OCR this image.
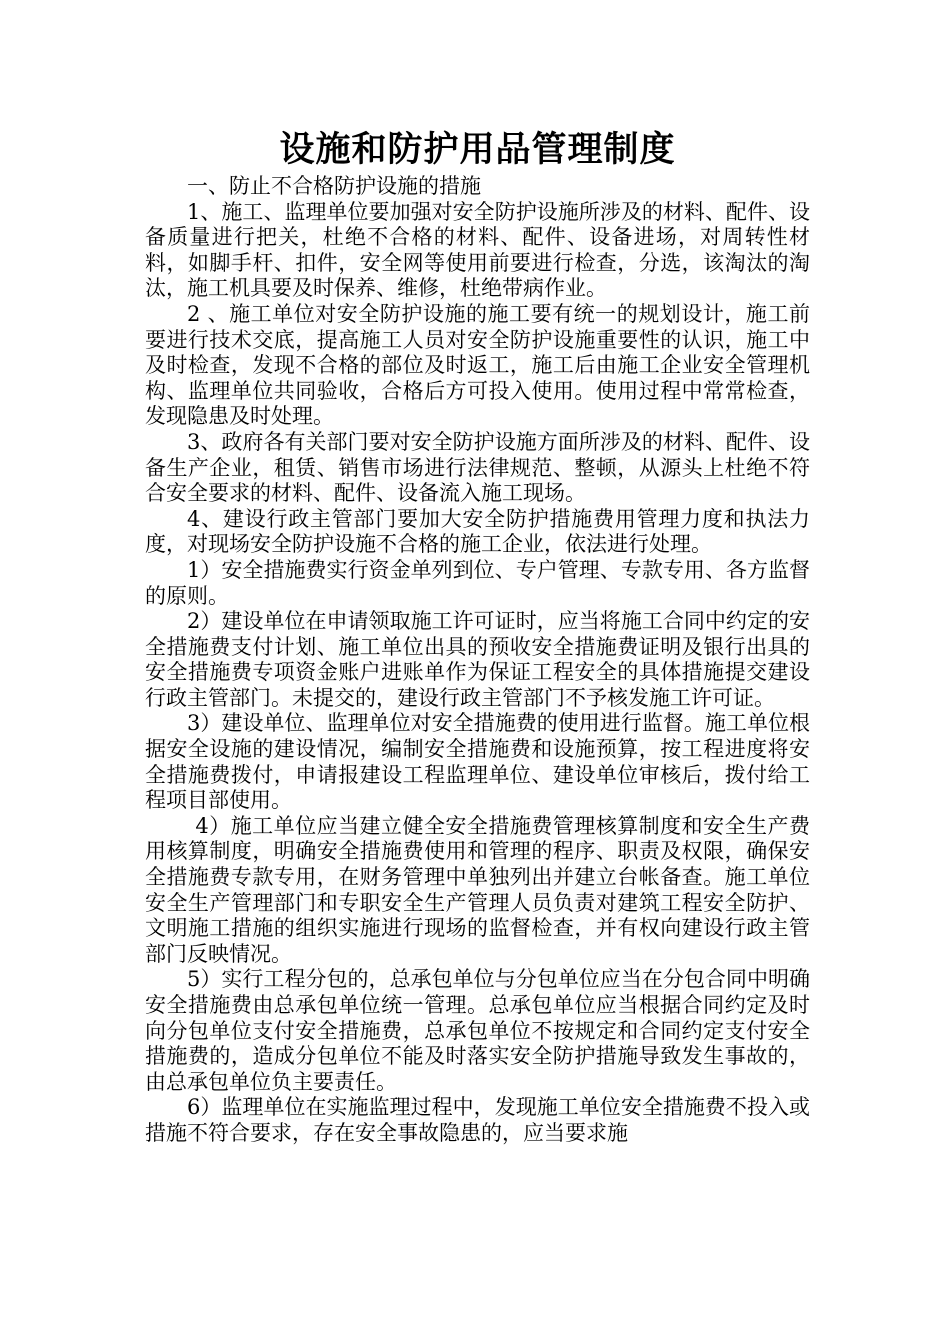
设施和防护用品管理制度

一、防止不合格防护设施的措施

1、施工、监理单位要加强对安全防护设施所涉及的材料、配件、设备质量进行把关，杜绝不合格的材料、配件、设备进场，对周转性材料，如脚手杆、扣件，安全网等使用前要进行检查，分选，该淘汰的淘汰，施工机具要及时保养、维修，杜绝带病作业。

2 、施工单位对安全防护设施的施工要有统一的规划设计，施工前要进行技术交底，提高施工人员对安全防护设施重要性的认识，施工中及时检查，发现不合格的部位及时返工，施工后由施工企业安全管理机构、监理单位共同验收，合格后方可投入使用。使用过程中常常检查，发现隐患及时处理。

3、政府各有关部门要对安全防护设施方面所涉及的材料、配件、设备生产企业，租赁、销售市场进行法律规范、整顿，从源头上杜绝不符合安全要求的材料、配件、设备流入施工现场。

4、建设行政主管部门要加大安全防护措施费用管理力度和执法力度，对现场安全防护设施不合格的施工企业，依法进行处理。

1）安全措施费实行资金单列到位、专户管理、专款专用、各方监督的原则。

2）建设单位在申请领取施工许可证时，应当将施工合同中约定的安全措施费支付计划、施工单位出具的预收安全措施费证明及银行出具的安全措施费专项资金账户进账单作为保证工程安全的具体措施提交建设行政主管部门。未提交的，建设行政主管部门不予核发施工许可证。

3）建设单位、监理单位对安全措施费的使用进行监督。施工单位根据安全设施的建设情况，编制安全措施费和设施预算，按工程进度将安全措施费拨付，申请报建设工程监理单位、建设单位审核后，拨付给工程项目部使用。

4）施工单位应当建立健全安全措施费管理核算制度和安全生产费用核算制度，明确安全措施费使用和管理的程序、职责及权限，确保安全措施费专款专用，在财务管理中单独列出并建立台帐备查。施工单位安全生产管理部门和专职安全生产管理人员负责对建筑工程安全防护、文明施工措施的组织实施进行现场的监督检查，并有权向建设行政主管部门反映情况。

5）实行工程分包的，总承包单位与分包单位应当在分包合同中明确安全措施费由总承包单位统一管理。总承包单位应当根据合同约定及时向分包单位支付安全措施费，总承包单位不按规定和合同约定支付安全措施费的，造成分包单位不能及时落实安全防护措施导致发生事故的，由总承包单位负主要责任。

6）监理单位在实施监理过程中，发现施工单位安全措施费不投入或措施不符合要求，存在安全事故隐患的，应当要求施
